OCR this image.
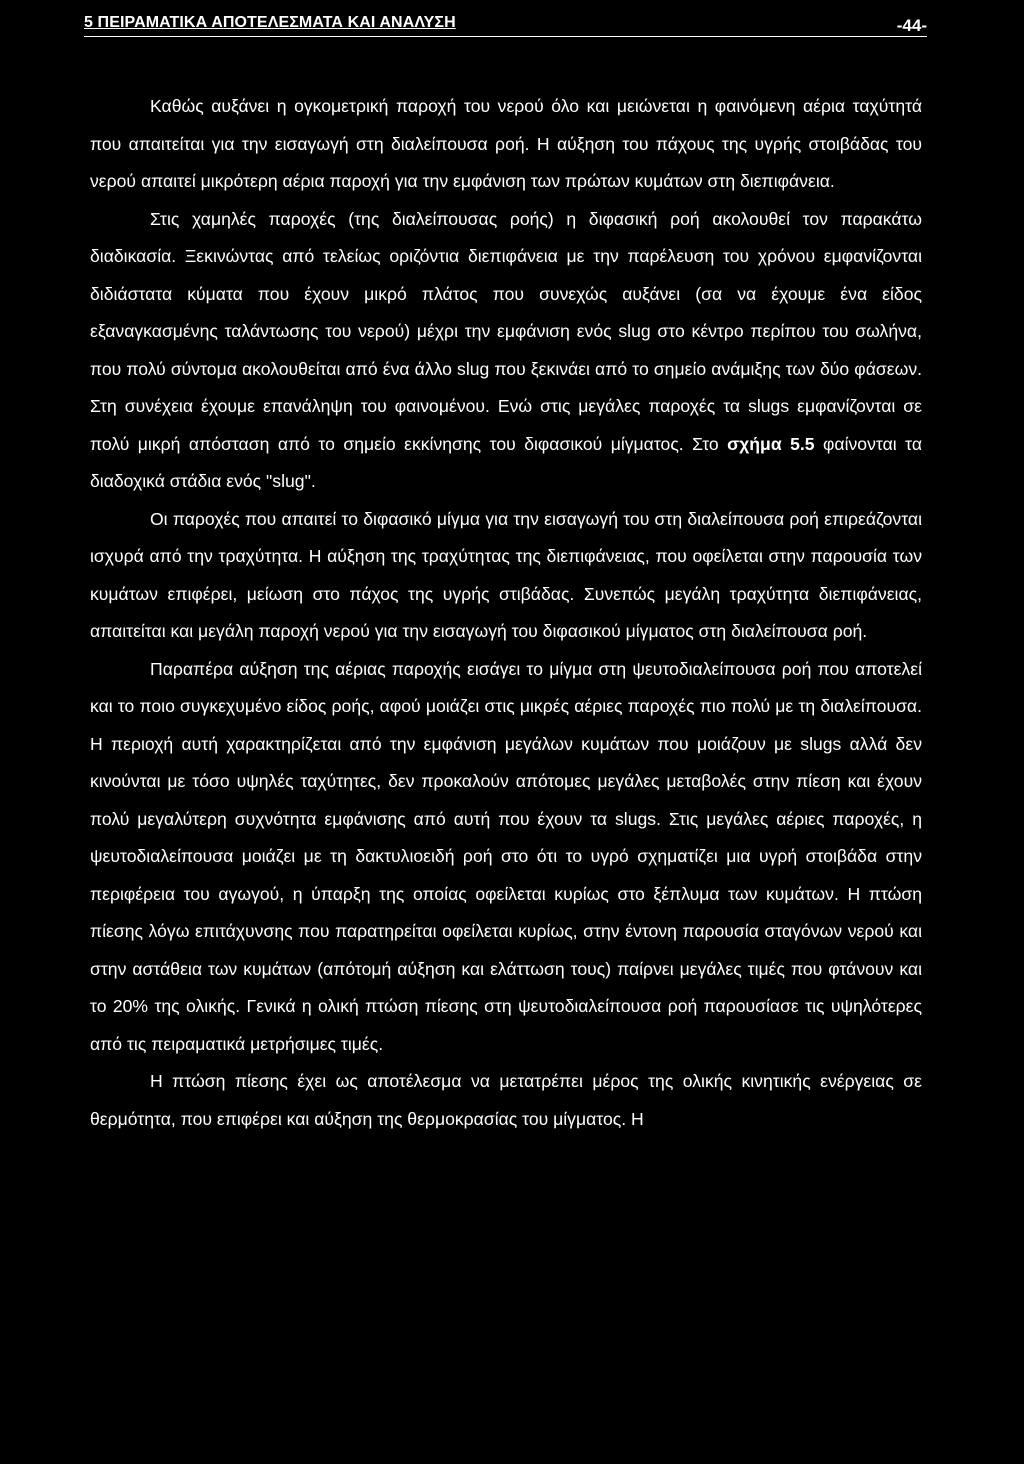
5 ΠΕΙΡΑΜΑΤΙΚΑ ΑΠΟΤΕΛΕΣΜΑΤΑ ΚΑΙ ΑΝΑΛΥΣΗ	-44-

Καθώς αυξάνει η ογκομετρική παροχή του νερού όλο και μειώνεται η φαινόμενη αέρια ταχύτητά που απαιτείται για την εισαγωγή στη διαλείπουσα ροή. Η αύξηση του πάχους της υγρής στοιβάδας του νερού απαιτεί μικρότερη αέρια παροχή για την εμφάνιση των πρώτων κυμάτων στη διεπιφάνεια.

Στις χαμηλές παροχές (της διαλείπουσας ροής) η διφασική ροή ακολουθεί τον παρακάτω διαδικασία. Ξεκινώντας από τελείως οριζόντια διεπιφάνεια με την παρέλευση του χρόνου εμφανίζονται διδιάστατα κύματα που έχουν μικρό πλάτος που συνεχώς αυξάνει (σα να έχουμε ένα είδος εξαναγκασμένης ταλάντωσης του νερού) μέχρι την εμφάνιση ενός slug στο κέντρο περίπου του σωλήνα, που πολύ σύντομα ακολουθείται από ένα άλλο slug που ξεκινάει από το σημείο ανάμιξης των δύο φάσεων. Στη συνέχεια έχουμε επανάληψη του φαινομένου. Ενώ στις μεγάλες παροχές τα slugs εμφανίζονται σε πολύ μικρή απόσταση από το σημείο εκκίνησης του διφασικού μίγματος. Στο σχήμα 5.5 φαίνονται τα διαδοχικά στάδια ενός "slug".

Οι παροχές που απαιτεί το διφασικό μίγμα για την εισαγωγή του στη διαλείπουσα ροή επιρεάζονται ισχυρά από την τραχύτητα. Η αύξηση της τραχύτητας της διεπιφάνειας, που οφείλεται στην παρουσία των κυμάτων επιφέρει, μείωση στο πάχος της υγρής στιβάδας. Συνεπώς μεγάλη τραχύτητα διεπιφάνειας, απαιτείται και μεγάλη παροχή νερού για την εισαγωγή του διφασικού μίγματος στη διαλείπουσα ροή.

Παραπέρα αύξηση της αέριας παροχής εισάγει το μίγμα στη ψευτοδιαλείπουσα ροή που αποτελεί και το ποιο συγκεχυμένο είδος ροής, αφού μοιάζει στις μικρές αέριες παροχές πιο πολύ με τη διαλείπουσα. Η περιοχή αυτή χαρακτηρίζεται από την εμφάνιση μεγάλων κυμάτων που μοιάζουν με slugs αλλά δεν κινούνται με τόσο υψηλές ταχύτητες, δεν προκαλούν απότομες μεγάλες μεταβολές στην πίεση και έχουν πολύ μεγαλύτερη συχνότητα εμφάνισης από αυτή που έχουν τα slugs. Στις μεγάλες αέριες παροχές, η ψευτοδιαλείπουσα μοιάζει με τη δακτυλιοειδή ροή στο ότι το υγρό σχηματίζει μια υγρή στοιβάδα στην περιφέρεια του αγωγού, η ύπαρξη της οποίας οφείλεται κυρίως στο ξέπλυμα των κυμάτων. Η πτώση πίεσης λόγω επιτάχυνσης που παρατηρείται οφείλεται κυρίως, στην έντονη παρουσία σταγόνων νερού και στην αστάθεια των κυμάτων (απότομή αύξηση και ελάττωση τους) παίρνει μεγάλες τιμές που φτάνουν και το 20% της ολικής. Γενικά η ολική πτώση πίεσης στη ψευτοδιαλείπουσα ροή παρουσίασε τις υψηλότερες από τις πειραματικά μετρήσιμες τιμές.

Η πτώση πίεσης έχει ως αποτέλεσμα να μετατρέπει μέρος της ολικής κινητικής ενέργειας σε θερμότητα, που επιφέρει και αύξηση της θερμοκρασίας του μίγματος. Η
